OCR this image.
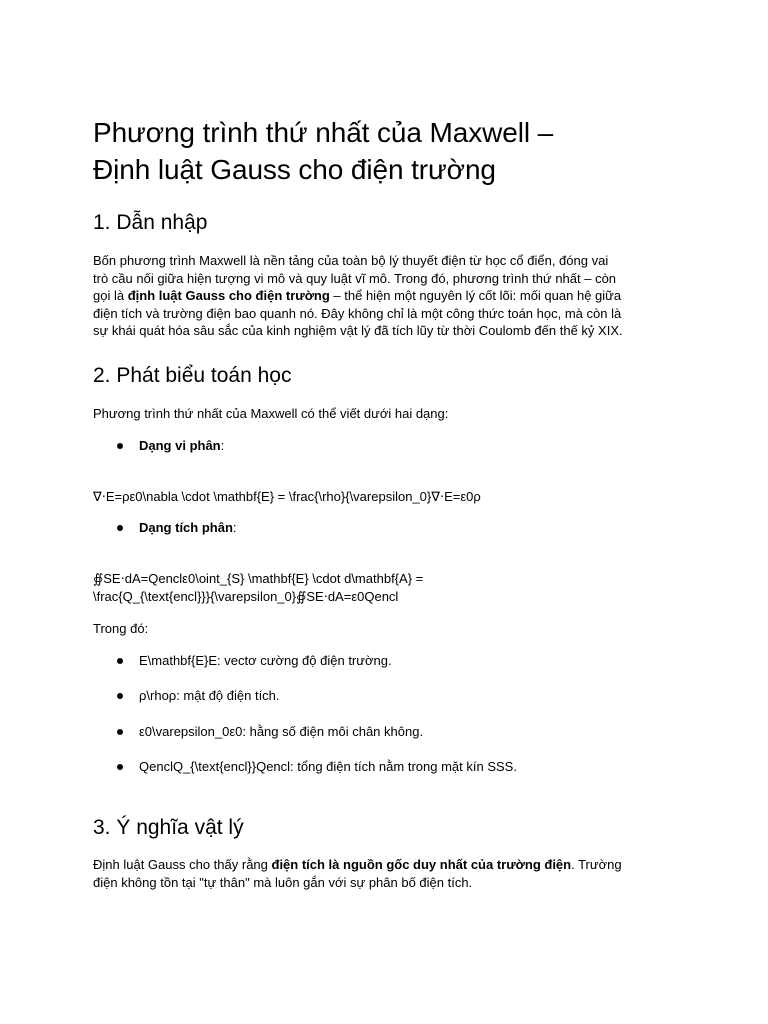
Phương trình thứ nhất của Maxwell –
Định luật Gauss cho điện trường
1. Dẫn nhập

Bốn phương trình Maxwell là nền tảng của toàn bộ lý thuyết điện từ học cổ điển, đóng vai
trò cầu nối giữa hiện tượng vi mô và quy luật vĩ mô. Trong đó, phương trình thứ nhất – còn
gọi là định luật Gauss cho điện trường – thể hiện một nguyên lý cốt lõi: mối quan hệ giữa
điện tích và trường điện bao quanh nó. Đây không chỉ là một công thức toán học, mà còn là
sự khái quát hóa sâu sắc của kinh nghiệm vật lý đã tích lũy từ thời Coulomb đến thế kỷ XIX.

2. Phát biểu toán học

Phương trình thứ nhất của Maxwell có thể viết dưới hai dạng:

Dạng vi phân:

∇⋅E=ρε0\nabla \cdot \mathbf{E} = \frac{\rho}{\varepsilon_0}∇⋅E=ε0ρ

Dạng tích phân:

∯SE⋅dA=Qenclε0\oint_{S} \mathbf{E} \cdot d\mathbf{A} =

\frac{Q_{\text{encl}}}{\varepsilon_0}∯SE⋅dA=ε0Qencl

Trong đó:

E\mathbf{E}E: vectơ cường độ điện trường.
ρ\rhoρ: mật độ điện tích.
ε0\varepsilon_0ε0: hằng số điện môi chân không.
QenclQ_{\text{encl}}Qencl: tổng điện tích nằm trong mặt kín SSS.
3. Ý nghĩa vật lý

Định luật Gauss cho thấy rằng điện tích là nguồn gốc duy nhất của trường điện. Trường
điện không tồn tại "tự thân" mà luôn gắn với sự phân bố điện tích.
